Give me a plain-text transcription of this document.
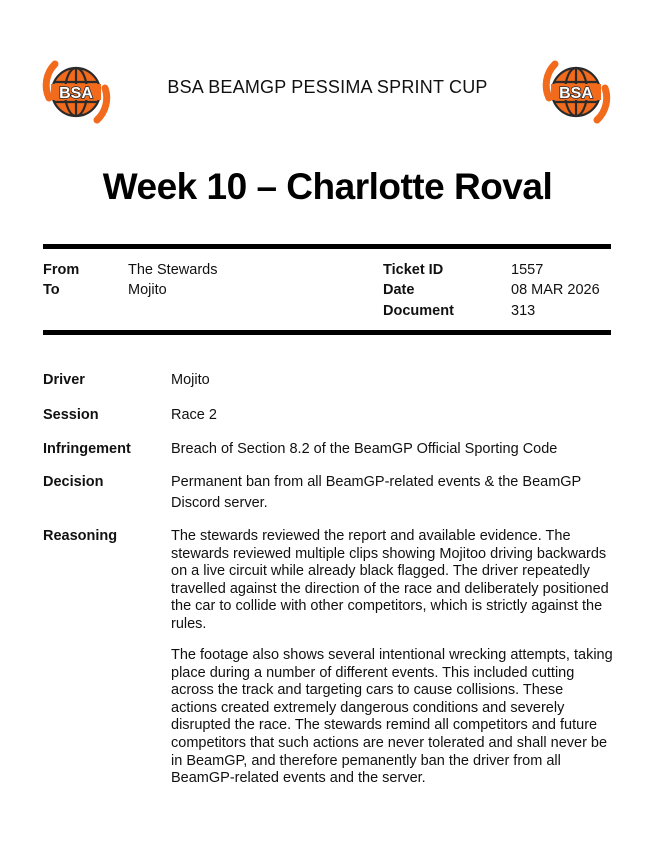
BSA	BSA
BSA BEAMGP PESSIMA SPRINT CUP
Week 10 – Charlotte Roval
From	The Stewards
To	Mojito
Ticket ID	1557
Date	08 MAR 2026
Document	313
Driver	Mojito
Session	Race 2
Infringement	Breach of Section 8.2 of the BeamGP Official Sporting Code
Decision	Permanent ban from all BeamGP-related events & the BeamGP Discord server.
Reasoning	The stewards reviewed the report and available evidence. The stewards reviewed multiple clips showing Mojitoo driving backwards on a live circuit while already black flagged. The driver repeatedly travelled against the direction of the race and deliberately positioned the car to collide with other competitors, which is strictly against the rules.

The footage also shows several intentional wrecking attempts, taking place during a number of different events. This included cutting across the track and targeting cars to cause collisions. These actions created extremely dangerous conditions and severely disrupted the race. The stewards remind all competitors and future competitors that such actions are never tolerated and shall never be in BeamGP, and therefore pemanently ban the driver from all BeamGP-related events and the server.
